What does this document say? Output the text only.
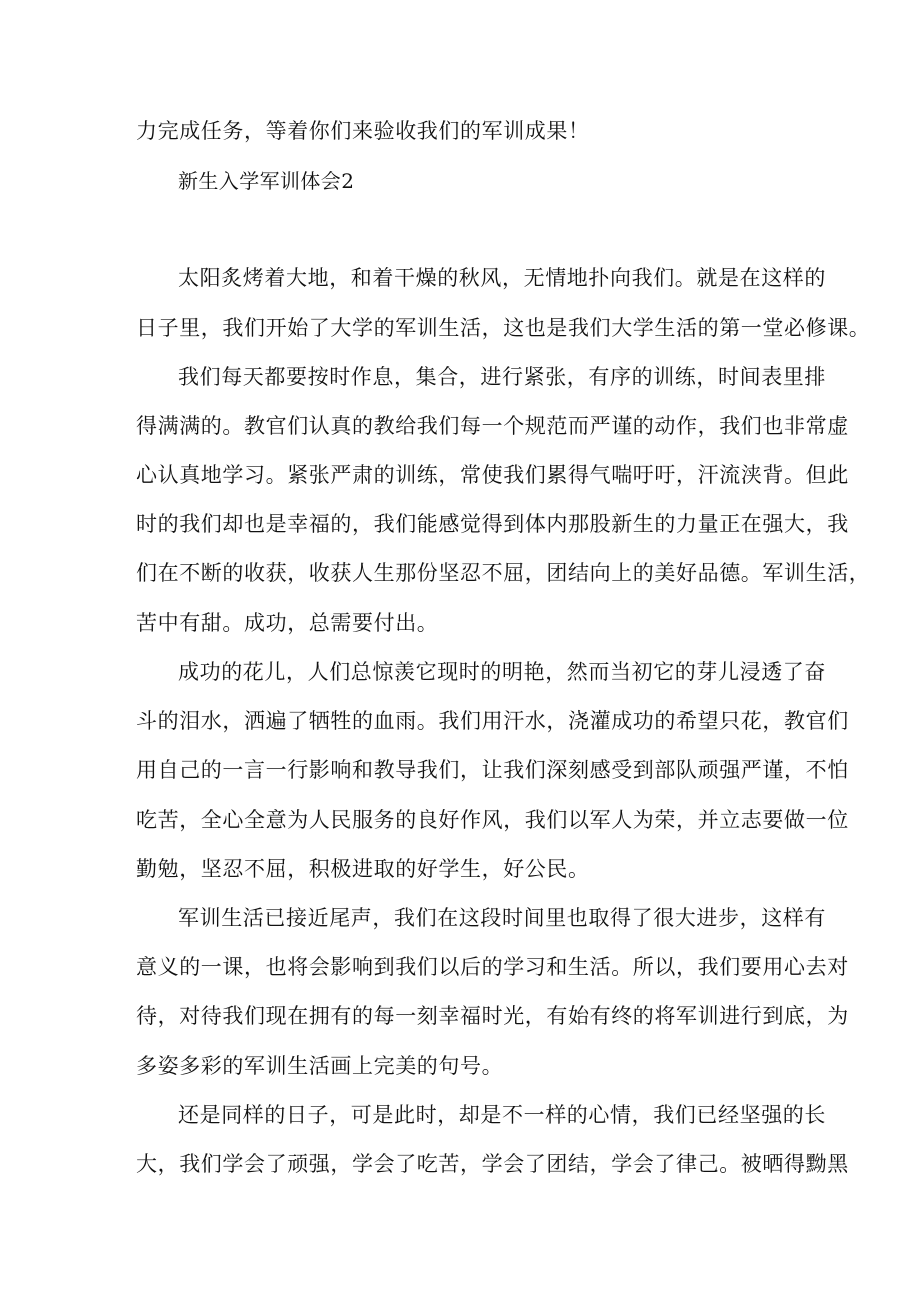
力完成任务，等着你们来验收我们的军训成果！
新生入学军训体会2
太阳炙烤着大地，和着干燥的秋风，无情地扑向我们。就是在这样的
日子里，我们开始了大学的军训生活，这也是我们大学生活的第一堂必修课。
我们每天都要按时作息，集合，进行紧张，有序的训练，时间表里排
得满满的。教官们认真的教给我们每一个规范而严谨的动作，我们也非常虚
心认真地学习。紧张严肃的训练，常使我们累得气喘吁吁，汗流浃背。但此
时的我们却也是幸福的，我们能感觉得到体内那股新生的力量正在强大，我
们在不断的收获，收获人生那份坚忍不屈，团结向上的美好品德。军训生活，
苦中有甜。成功，总需要付出。
成功的花儿，人们总惊羡它现时的明艳，然而当初它的芽儿浸透了奋
斗的泪水，洒遍了牺牲的血雨。我们用汗水，浇灌成功的希望只花，教官们
用自己的一言一行影响和教导我们，让我们深刻感受到部队顽强严谨，不怕
吃苦，全心全意为人民服务的良好作风，我们以军人为荣，并立志要做一位
勤勉，坚忍不屈，积极进取的好学生，好公民。
军训生活已接近尾声，我们在这段时间里也取得了很大进步，这样有
意义的一课，也将会影响到我们以后的学习和生活。所以，我们要用心去对
待，对待我们现在拥有的每一刻幸福时光，有始有终的将军训进行到底，为
多姿多彩的军训生活画上完美的句号。
还是同样的日子，可是此时，却是不一样的心情，我们已经坚强的长
大，我们学会了顽强，学会了吃苦，学会了团结，学会了律己。被晒得黝黑
